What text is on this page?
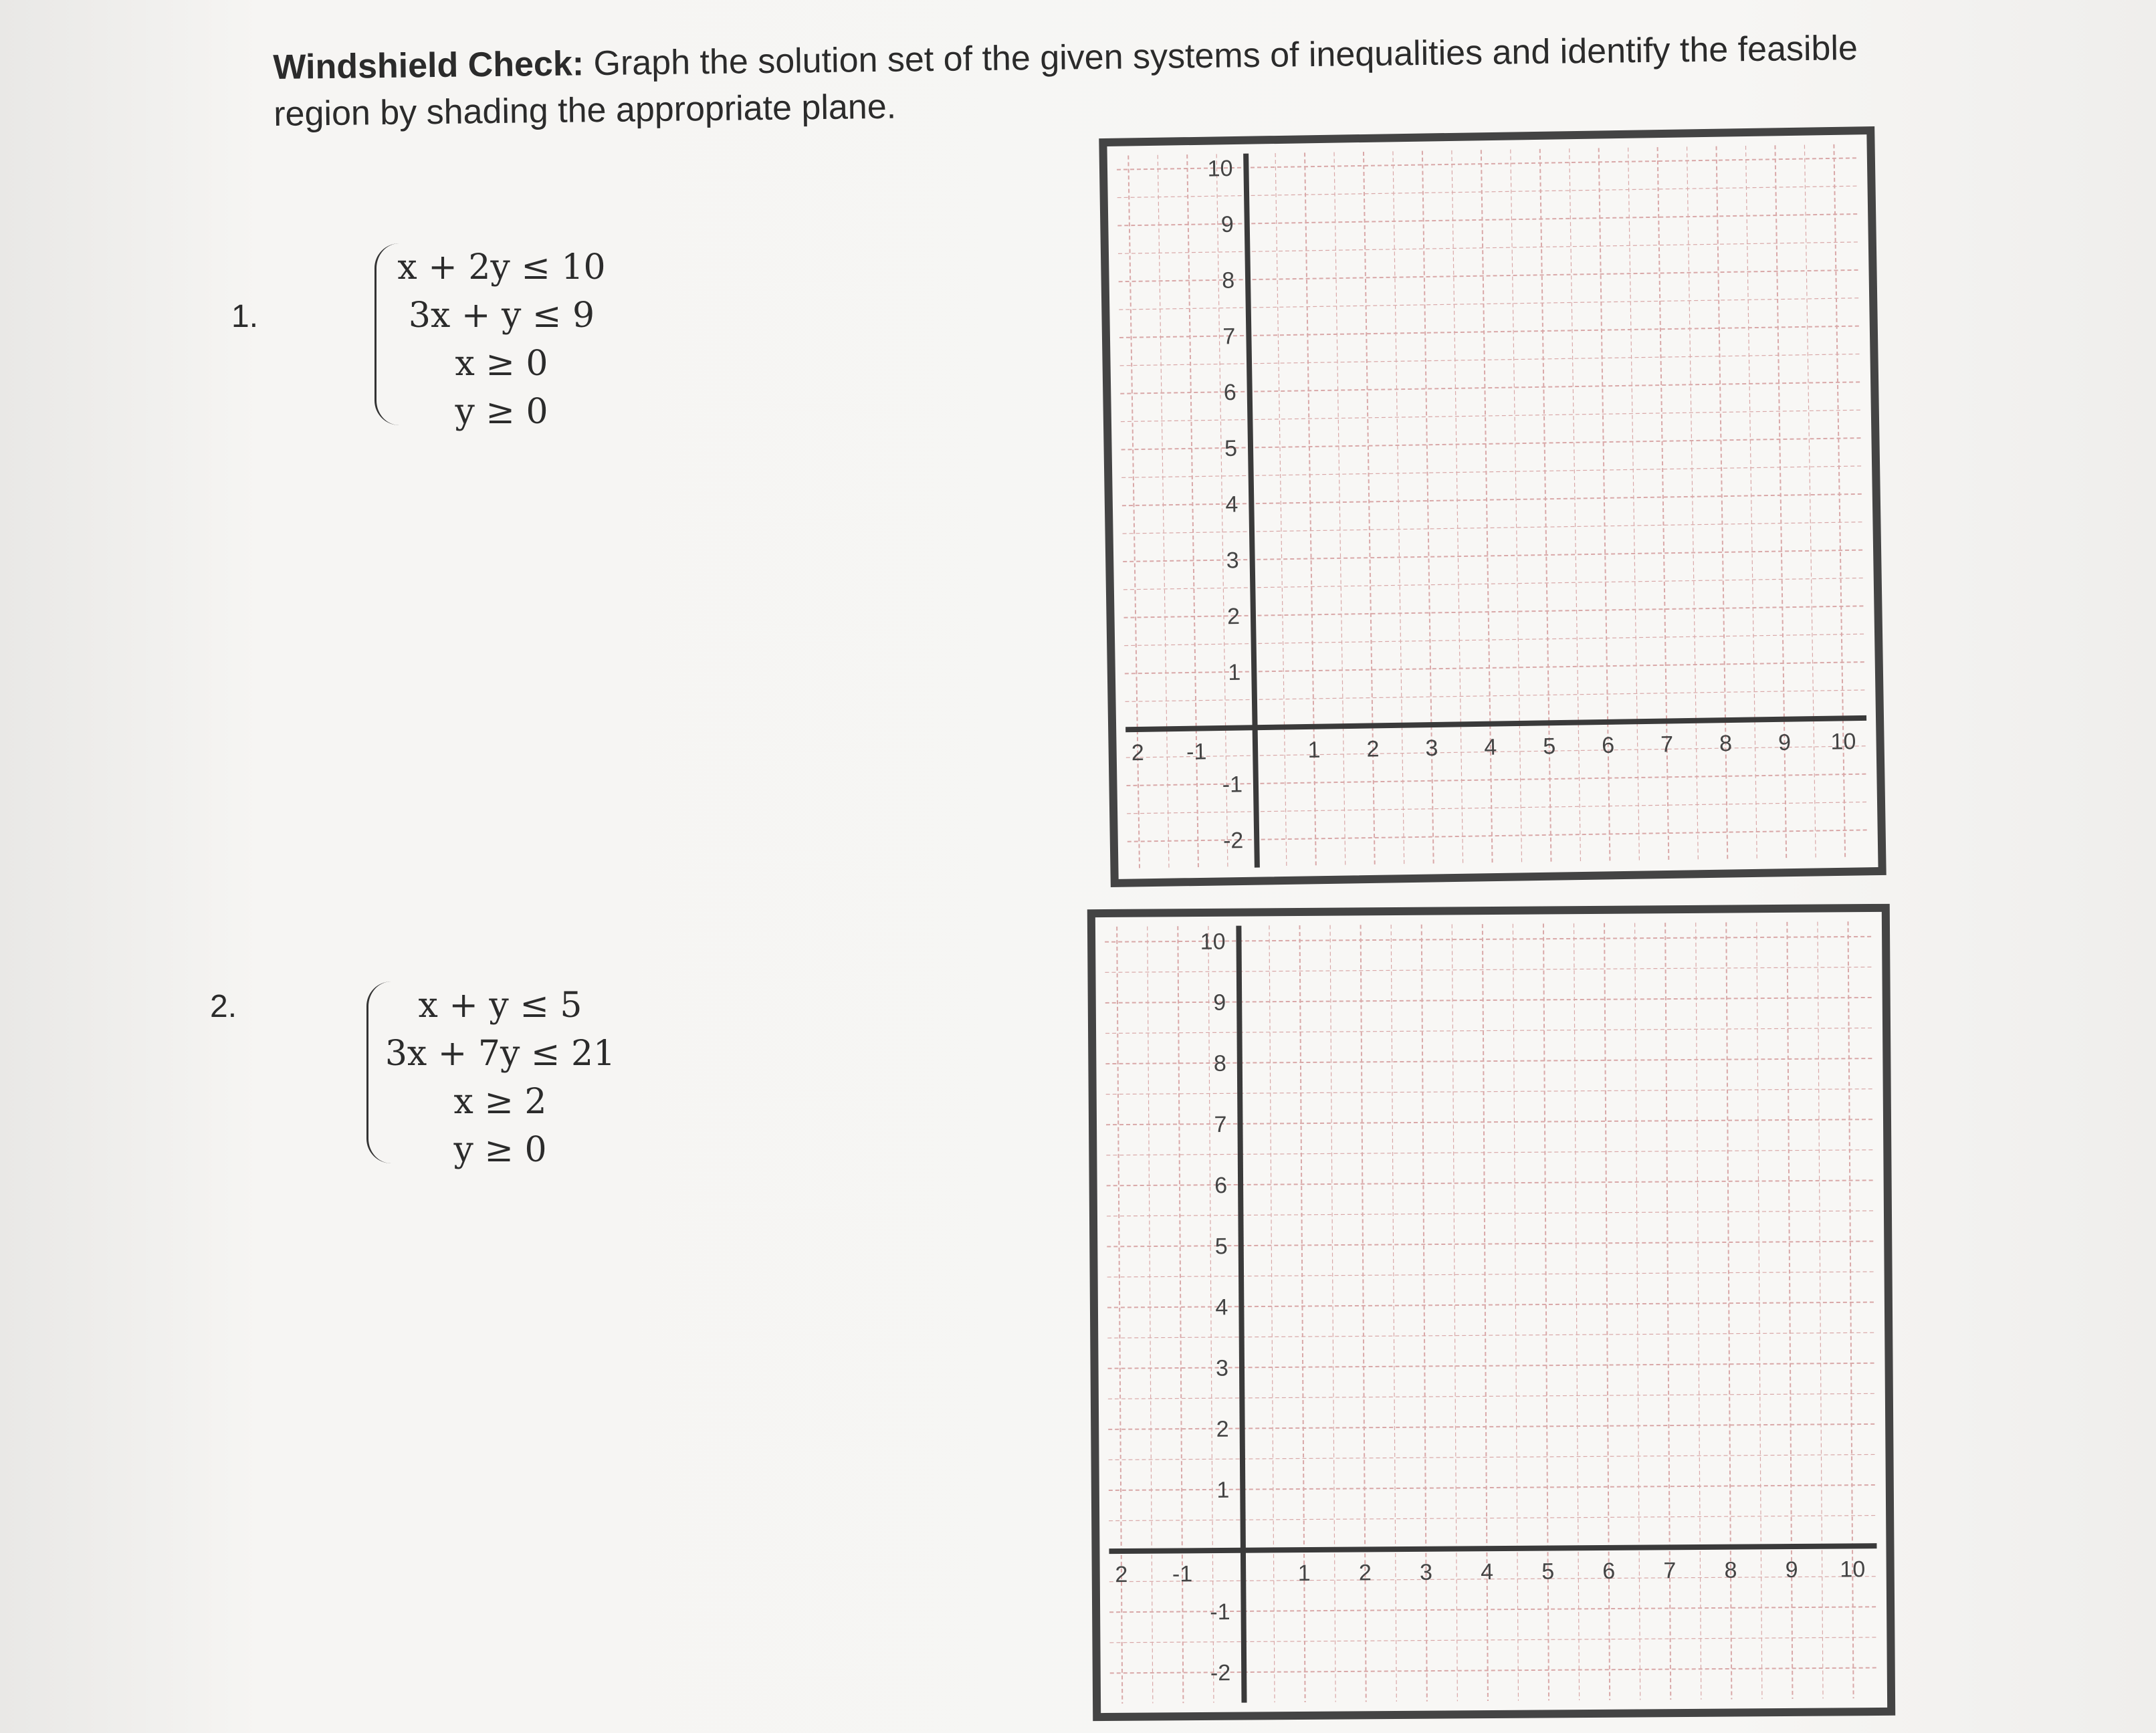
Windshield Check: Graph the solution set of the given systems of inequalities and identify the feasible region by shading the appropriate plane.
1.
x + 2y ≤ 10
3x + y ≤ 9
x ≥ 0
y ≥ 0
2.	x + y ≤ 5
3x + 7y ≤ 21
x ≥ 2
y ≥ 0
2 -1	1 2 3 4 5 6 7 8 9 10
10
9
8
7
6
5
4
3
2
1
-1
-2
2 -1	1 2 3 4 5 6 7 8 9 10
10
9
8
7
6
5
4
3
2
1
-1
-2
